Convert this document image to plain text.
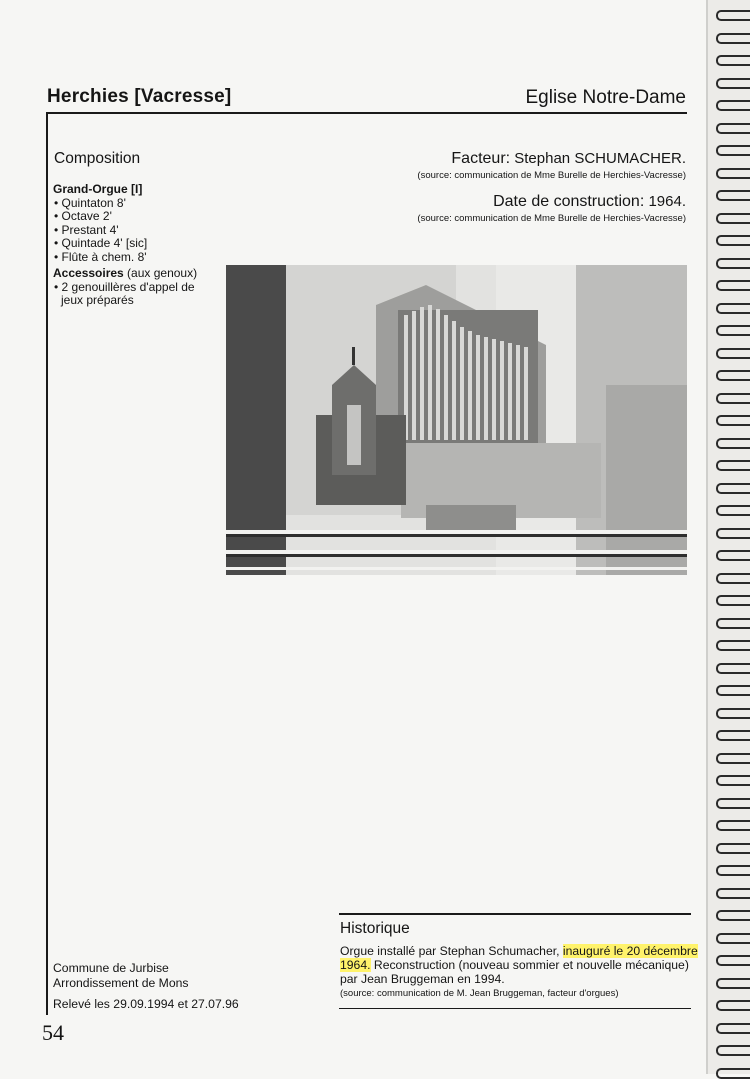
Herchies [Vacresse]	Eglise Notre-Dame
Composition
Grand-Orgue [I]
• Quintaton 8'
• Octave 2'
• Prestant 4'
• Quintade 4' [sic]
• Flûte à chem. 8'
Accessoires (aux genoux)
• 2 genouillères d'appel de jeux préparés
Facteur: Stephan SCHUMACHER.
(source: communication de Mme Burelle de Herchies-Vacresse)
Date de construction: 1964.
(source: communication de Mme Burelle de Herchies-Vacresse)
Historique
Orgue installé par Stephan Schumacher, inauguré le 20 décembre 1964. Reconstruction (nouveau sommier et nouvelle mécanique) par Jean Bruggeman en 1994.
(source: communication de M. Jean Bruggeman, facteur d'orgues)
Commune de Jurbise
Arrondissement de Mons
Relevé les 29.09.1994 et 27.07.96
54
